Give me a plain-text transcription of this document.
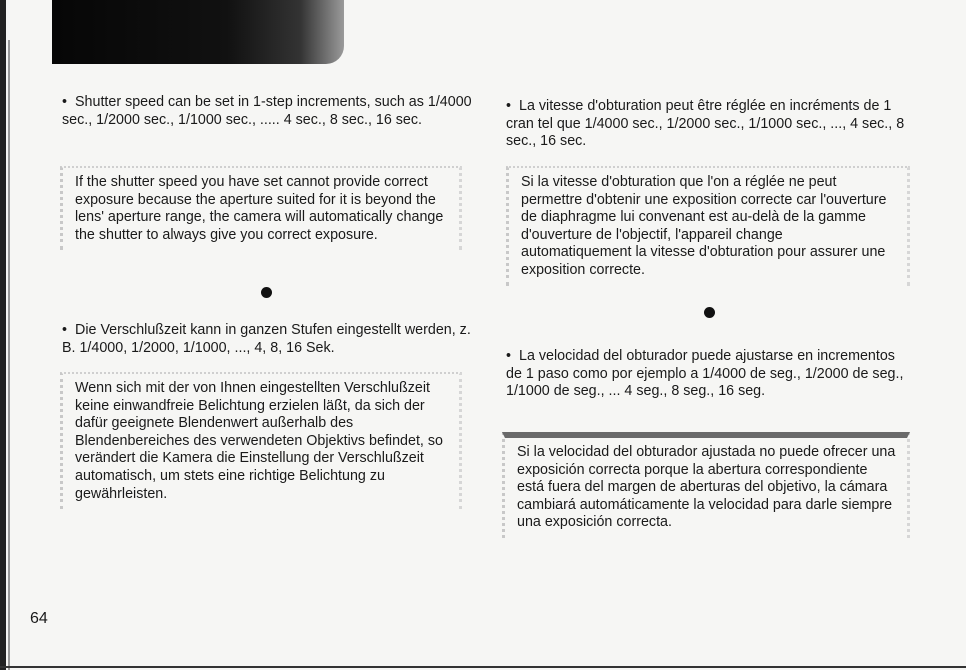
• Shutter speed can be set in 1-step increments, such as 1/4000 sec., 1/2000 sec., 1/1000 sec., ..... 4 sec., 8 sec., 16 sec.

If the shutter speed you have set cannot provide correct exposure because the aperture suited for it is beyond the lens' aperture range, the camera will automatically change the shutter to always give you correct exposure.

• Die Verschlußzeit kann in ganzen Stufen eingestellt werden, z. B. 1/4000, 1/2000, 1/1000, ..., 4, 8, 16 Sek.

Wenn sich mit der von Ihnen eingestellten Verschlußzeit keine einwandfreie Belichtung erzielen läßt, da sich der dafür geeignete Blendenwert außerhalb des Blendenbereiches des verwendeten Objektivs befindet, so verändert die Kamera die Einstellung der Verschlußzeit automatisch, um stets eine richtige Belichtung zu gewährleisten.

• La vitesse d'obturation peut être réglée en incréments de 1 cran tel que 1/4000 sec., 1/2000 sec., 1/1000 sec., ..., 4 sec., 8 sec., 16 sec.

Si la vitesse d'obturation que l'on a réglée ne peut permettre d'obtenir une exposition correcte car l'ouverture de diaphragme lui convenant est au-delà de la gamme d'ouverture de l'objectif, l'appareil change automatiquement la vitesse d'obturation pour assurer une exposition correcte.

• La velocidad del obturador puede ajustarse en incrementos de 1 paso como por ejemplo a 1/4000 de seg., 1/2000 de seg., 1/1000 de seg., ... 4 seg., 8 seg., 16 seg.

Si la velocidad del obturador ajustada no puede ofrecer una exposición correcta porque la abertura correspondiente está fuera del margen de aberturas del objetivo, la cámara cambiará automáticamente la velocidad para darle siempre una exposición correcta.

64
